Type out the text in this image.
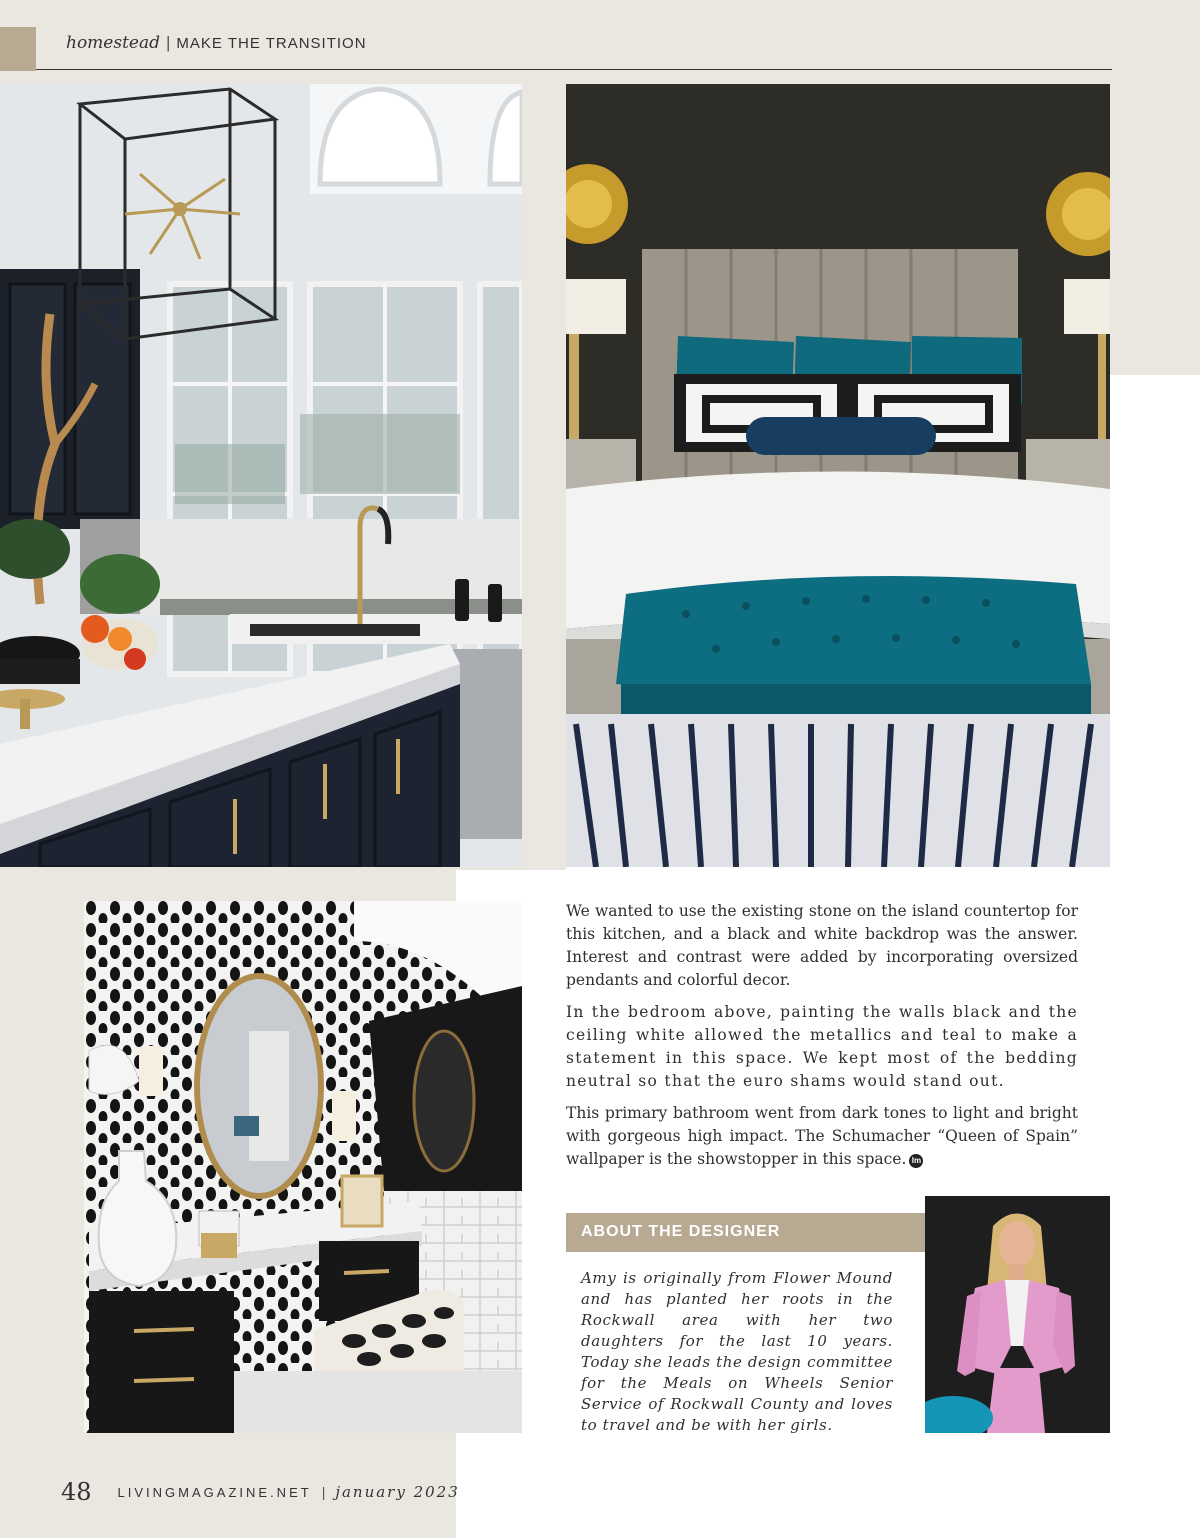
homestead | MAKE THE TRANSITION

We wanted to use the existing stone on the island countertop for this kitchen, and a black and white backdrop was the answer. Interest and contrast were added by incorporating oversized pendants and colorful decor.

In the bedroom above, painting the walls black and the ceiling white allowed the metallics and teal to make a statement in this space. We kept most of the bedding neutral so that the euro shams would stand out.

This primary bathroom went from dark tones to light and bright with gorgeous high impact. The Schumacher “Queen of Spain” wallpaper is the showstopper in this space. lm

ABOUT THE DESIGNER
Amy is originally from Flower Mound and has planted her roots in the Rockwall area with her two daughters for the last 10 years. Today she leads the design committee for the Meals on Wheels Senior Service of Rockwall County and loves to travel and be with her girls.
48 LIVINGMAGAZINE.NET | january 2023
